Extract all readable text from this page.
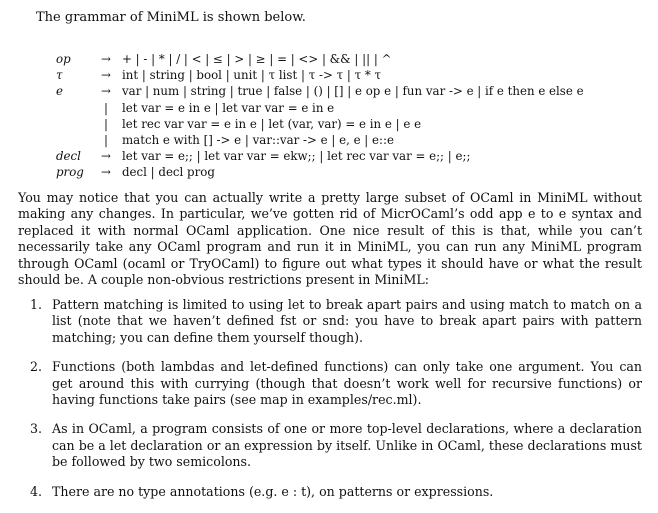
The grammar of MiniML is shown below.
op	→ + | - | * | / | < | ≤ | > | ≥ | = | <> | && | || | ^
τ	→ int | string | bool | unit | τ list | τ -> τ | τ * τ
e	→ var | num | string | true | false | () | [] | e op e | fun var -> e | if e then e else e
|	let var = e in e | let var var = e in e
|	let rec var var = e in e | let (var, var) = e in e | e e
|	match e with [] -> e | var::var -> e | e, e | e::e
decl	→ let var = e;; | let var var = ekw;; | let rec var var = e;; | e;;
prog	→ decl | decl prog
You may notice that you can actually write a pretty large subset of OCaml in MiniML without making any changes. In particular, we’ve gotten rid of MicrOCaml’s odd app e to e syntax and replaced it with normal OCaml application. One nice result of this is that, while you can’t necessarily take any OCaml program and run it in MiniML, you can run any MiniML program through OCaml (ocaml or TryOCaml) to figure out what types it should have or what the result should be. A couple non-obvious restrictions present in MiniML:
1. Pattern matching is limited to using let to break apart pairs and using match to match on a list (note that we haven’t defined fst or snd: you have to break apart pairs with pattern matching; you can define them yourself though).
2. Functions (both lambdas and let-defined functions) can only take one argument. You can get around this with currying (though that doesn’t work well for recursive functions) or having functions take pairs (see map in examples/rec.ml).
3. As in OCaml, a program consists of one or more top-level declarations, where a declaration can be a let declaration or an expression by itself. Unlike in OCaml, these declarations must be followed by two semicolons.
4. There are no type annotations (e.g. e : t), on patterns or expressions.
